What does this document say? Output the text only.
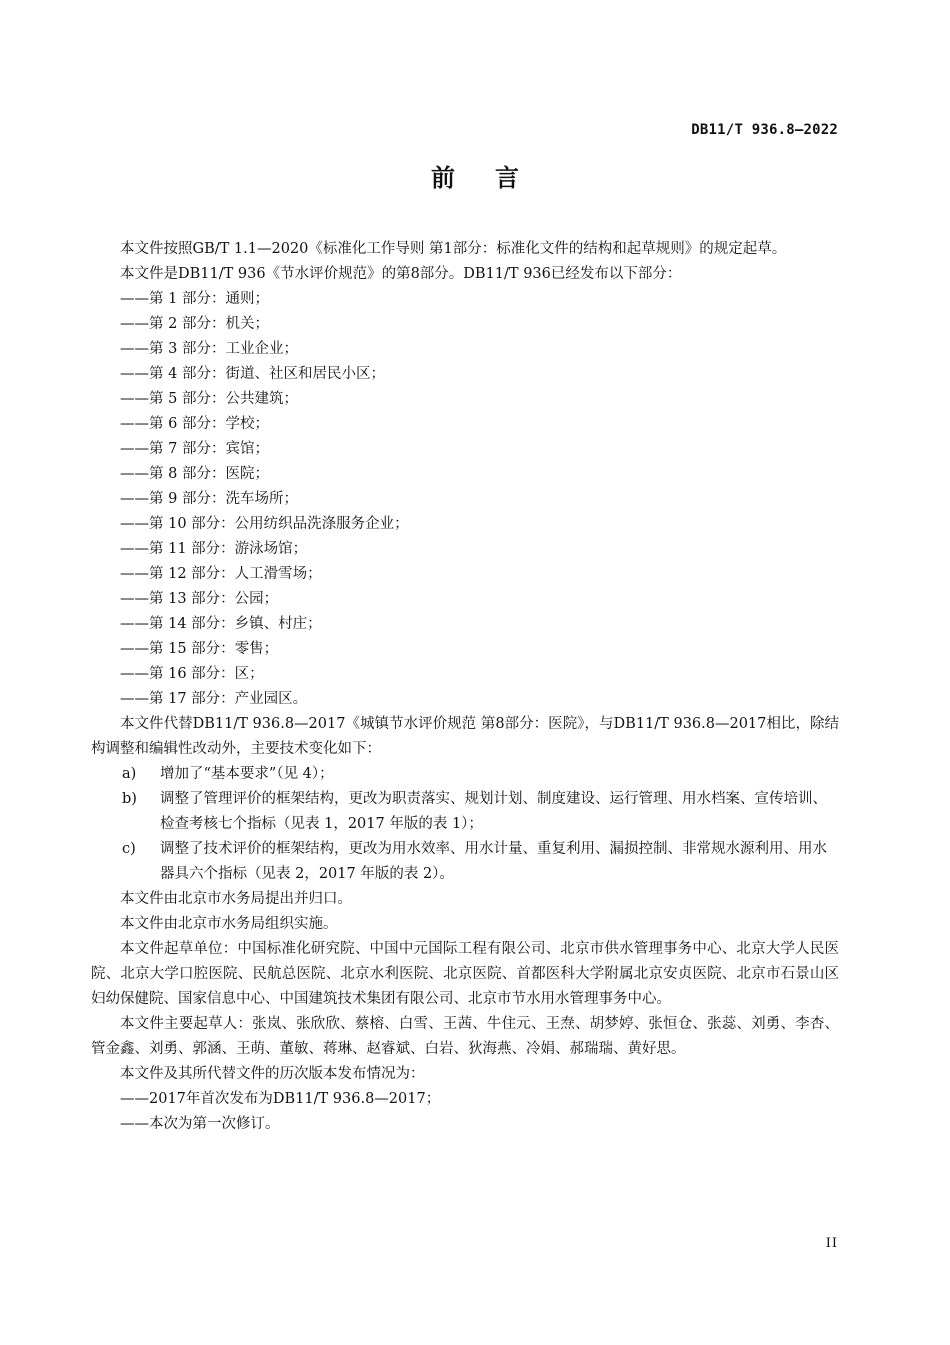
DB11/T 936.8—2022
前言

本文件按照GB/T 1.1—2020《标准化工作导则 第1部分：标准化文件的结构和起草规则》的规定起草。

本文件是DB11/T 936《节水评价规范》的第8部分。DB11/T 936已经发布以下部分：

——第 1 部分：通则；

——第 2 部分：机关；

——第 3 部分：工业企业；

——第 4 部分：街道、社区和居民小区；

——第 5 部分：公共建筑；

——第 6 部分：学校；

——第 7 部分：宾馆；

——第 8 部分：医院；

——第 9 部分：洗车场所；

——第 10 部分：公用纺织品洗涤服务企业；

——第 11 部分：游泳场馆；

——第 12 部分：人工滑雪场；

——第 13 部分：公园；

——第 14 部分：乡镇、村庄；

——第 15 部分：零售；

——第 16 部分：区；

——第 17 部分：产业园区。

本文件代替DB11/T 936.8—2017《城镇节水评价规范 第8部分：医院》，与DB11/T 936.8—2017相比，除结构调整和编辑性改动外，主要技术变化如下：

a)	增加了“基本要求”（见 4）；
b)	调整了管理评价的框架结构，更改为职责落实、规划计划、制度建设、运行管理、用水档案、宣传培训、检查考核七个指标（见表 1，2017 年版的表 1）；
c)	调整了技术评价的框架结构，更改为用水效率、用水计量、重复利用、漏损控制、非常规水源利用、用水器具六个指标（见表 2，2017 年版的表 2）。

本文件由北京市水务局提出并归口。

本文件由北京市水务局组织实施。

本文件起草单位：中国标准化研究院、中国中元国际工程有限公司、北京市供水管理事务中心、北京大学人民医院、北京大学口腔医院、民航总医院、北京水利医院、北京医院、首都医科大学附属北京安贞医院、北京市石景山区妇幼保健院、国家信息中心、中国建筑技术集团有限公司、北京市节水用水管理事务中心。

本文件主要起草人：张岚、张欣欣、蔡榕、白雪、王茜、牛住元、王焘、胡梦婷、张恒仓、张蕊、刘勇、李杏、管金鑫、刘勇、郭涵、王萌、董敏、蒋琳、赵睿斌、白岩、狄海燕、冷娟、郝瑞瑞、黄好思。

本文件及其所代替文件的历次版本发布情况为：

——2017年首次发布为DB11/T 936.8—2017；

——本次为第一次修订。

II
